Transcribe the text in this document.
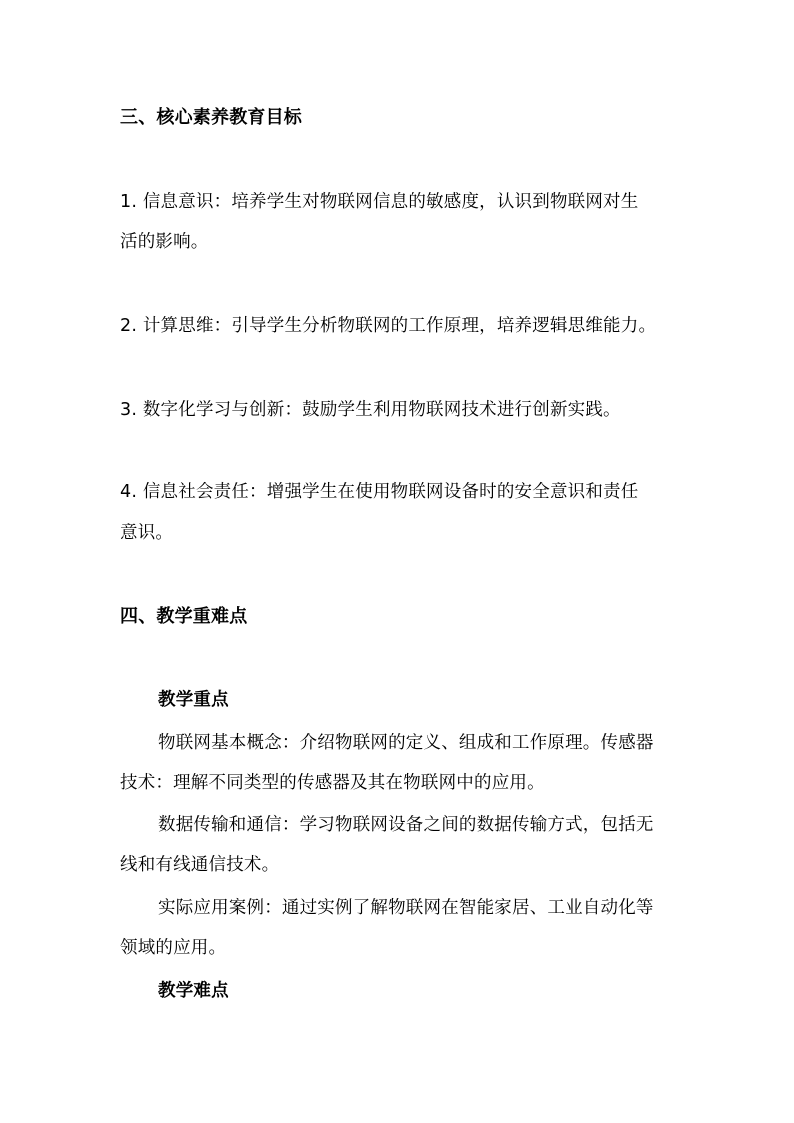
三、核心素养教育目标
1. 信息意识：培养学生对物联网信息的敏感度，认识到物联网对生
活的影响。
2. 计算思维：引导学生分析物联网的工作原理，培养逻辑思维能力。
3. 数字化学习与创新：鼓励学生利用物联网技术进行创新实践。
4. 信息社会责任：增强学生在使用物联网设备时的安全意识和责任
意识。
四、教学重难点
教学重点
物联网基本概念：介绍物联网的定义、组成和工作原理。传感器
技术：理解不同类型的传感器及其在物联网中的应用。
数据传输和通信：学习物联网设备之间的数据传输方式，包括无
线和有线通信技术。
实际应用案例：通过实例了解物联网在智能家居、工业自动化等
领域的应用。
教学难点
